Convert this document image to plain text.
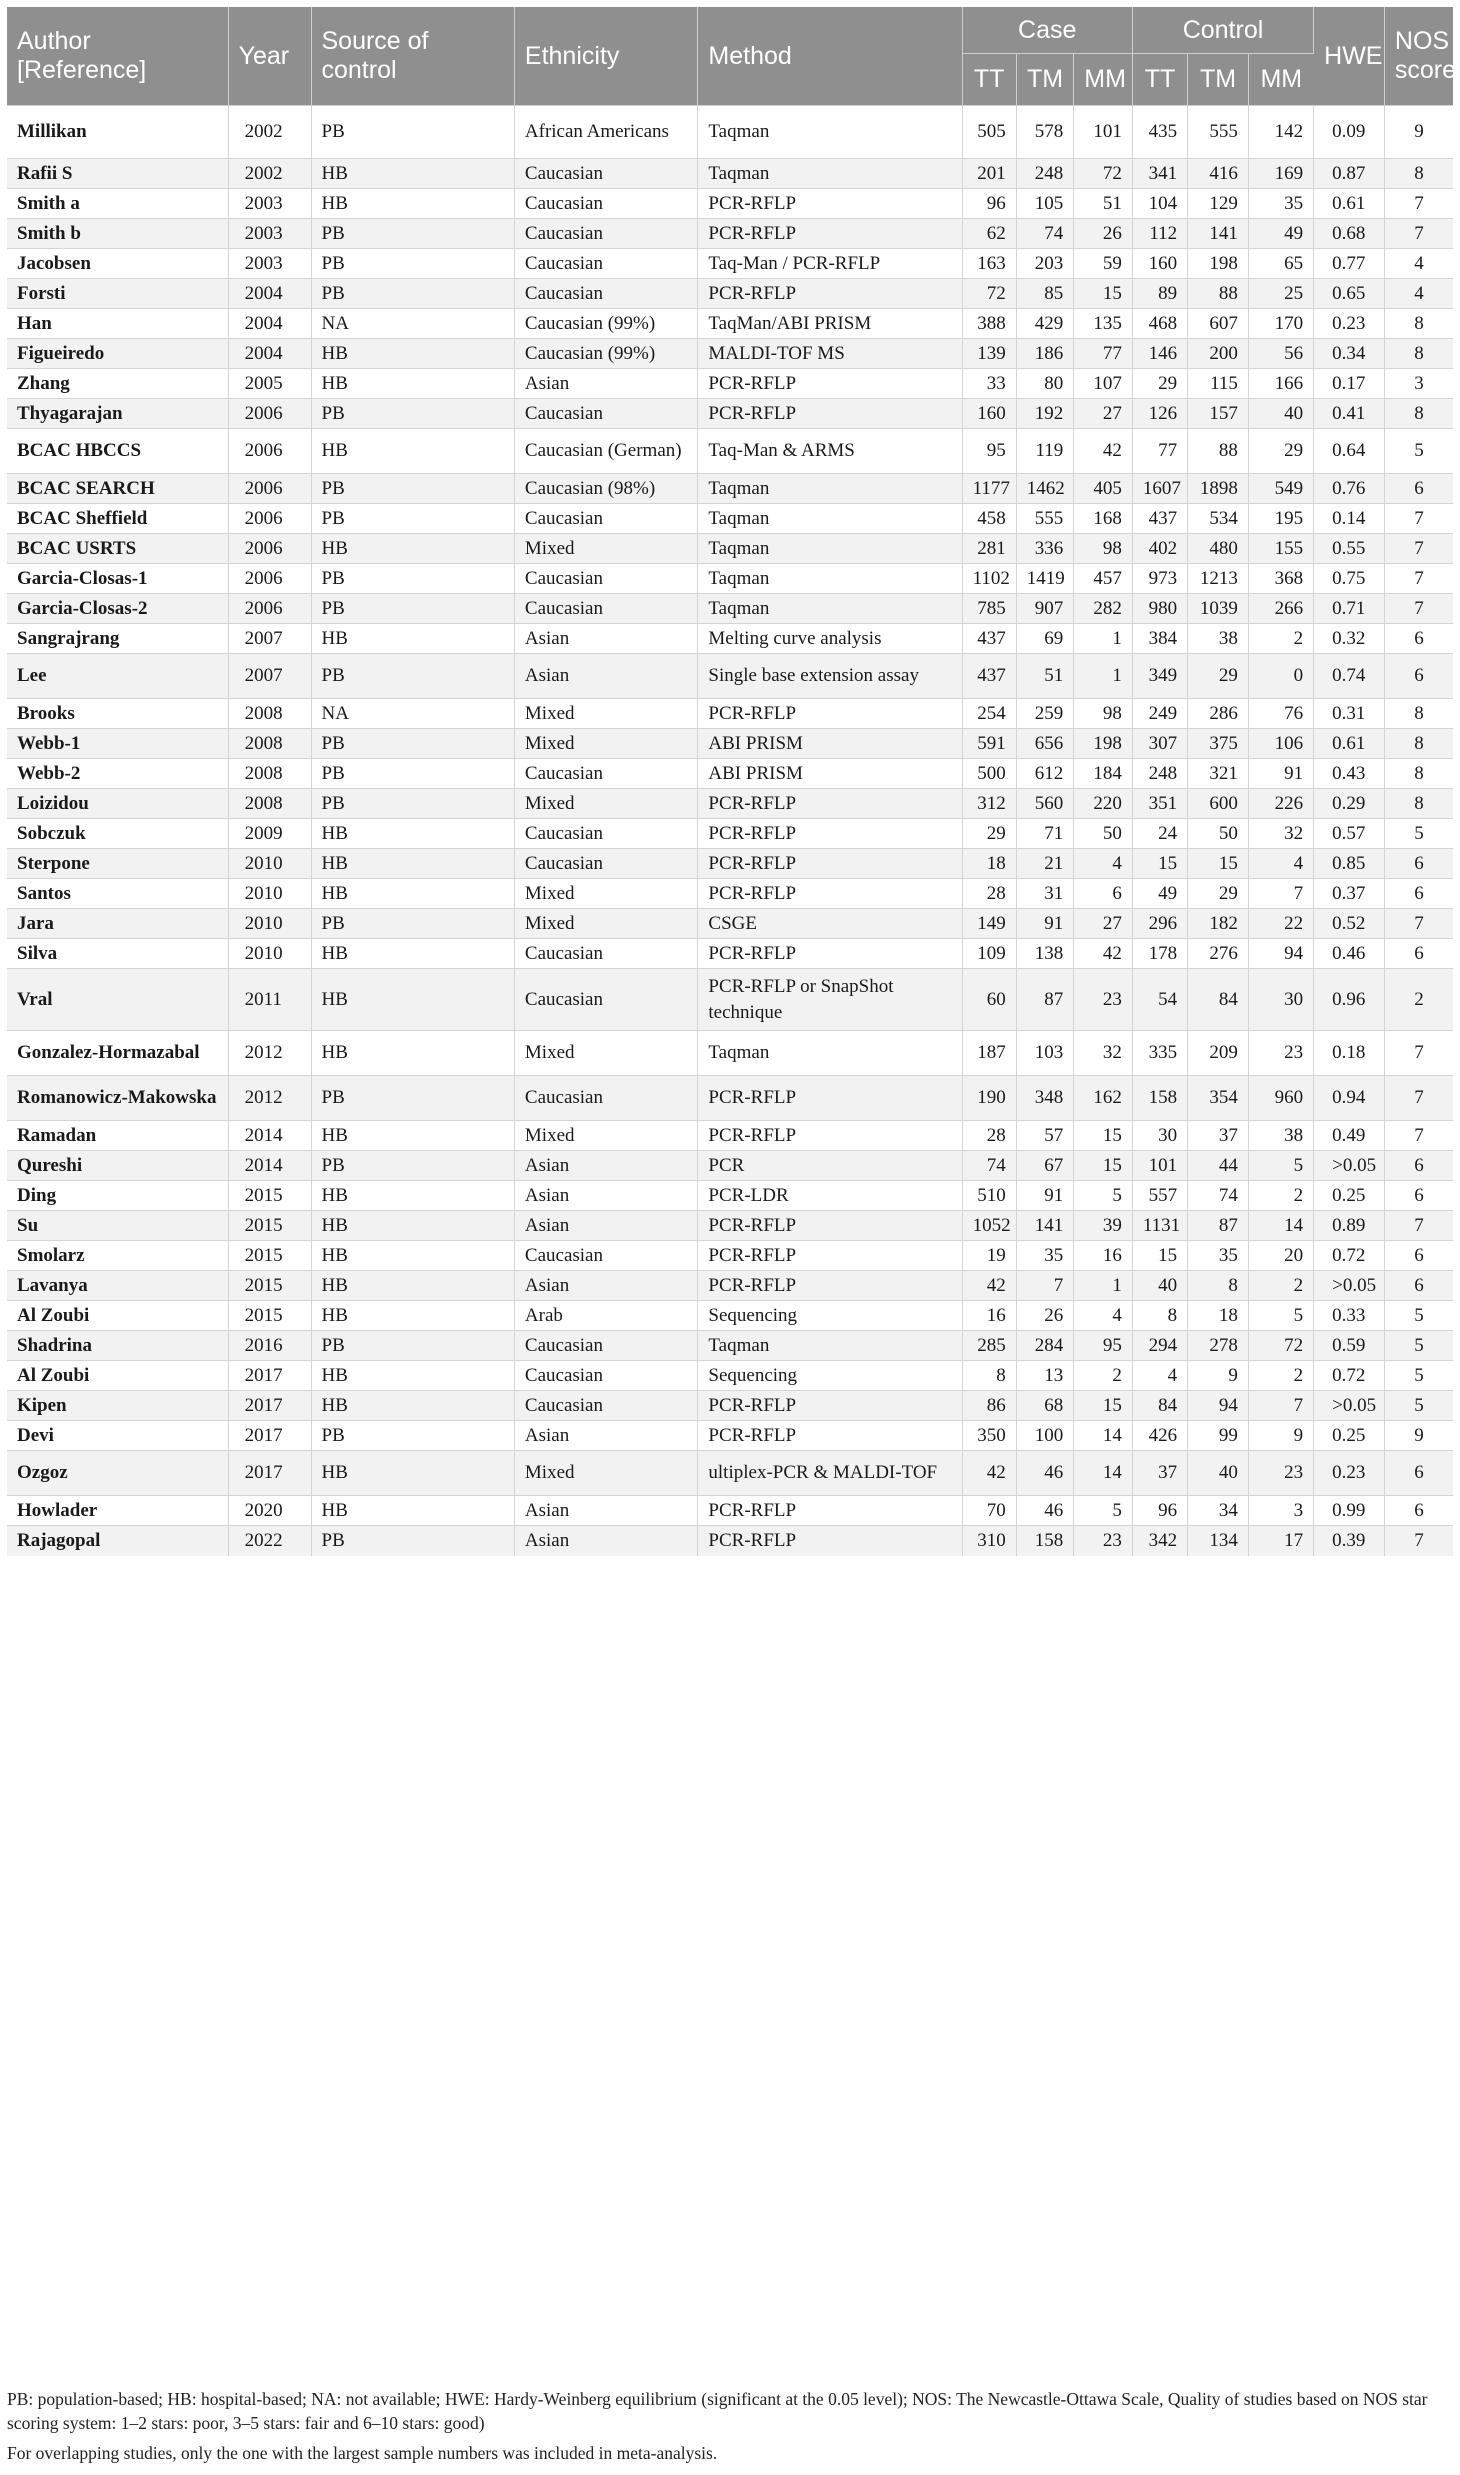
Author [Reference]	Year	Source of control	Ethnicity	Method	Case			Control			HWE	NOS score
					TT	TM	MM	TT	TM	MM		
Millikan	2002	PB	African Americans	Taqman	505	578	101	435	555	142	0.09	9
Rafii S	2002	HB	Caucasian	Taqman	201	248	72	341	416	169	0.87	8
Smith a	2003	HB	Caucasian	PCR-RFLP	96	105	51	104	129	35	0.61	7
Smith b	2003	PB	Caucasian	PCR-RFLP	62	74	26	112	141	49	0.68	7
Jacobsen	2003	PB	Caucasian	Taq-Man / PCR-RFLP	163	203	59	160	198	65	0.77	4
Forsti	2004	PB	Caucasian	PCR-RFLP	72	85	15	89	88	25	0.65	4
Han	2004	NA	Caucasian (99%)	TaqMan/ABI PRISM	388	429	135	468	607	170	0.23	8
Figueiredo	2004	HB	Caucasian (99%)	MALDI-TOF MS	139	186	77	146	200	56	0.34	8
Zhang	2005	HB	Asian	PCR-RFLP	33	80	107	29	115	166	0.17	3
Thyagarajan	2006	PB	Caucasian	PCR-RFLP	160	192	27	126	157	40	0.41	8
BCAC HBCCS	2006	HB	Caucasian (German)	Taq-Man & ARMS	95	119	42	77	88	29	0.64	5
BCAC SEARCH	2006	PB	Caucasian (98%)	Taqman	1177	1462	405	1607	1898	549	0.76	6
BCAC Sheffield	2006	PB	Caucasian	Taqman	458	555	168	437	534	195	0.14	7
BCAC USRTS	2006	HB	Mixed	Taqman	281	336	98	402	480	155	0.55	7
Garcia-Closas-1	2006	PB	Caucasian	Taqman	1102	1419	457	973	1213	368	0.75	7
Garcia-Closas-2	2006	PB	Caucasian	Taqman	785	907	282	980	1039	266	0.71	7
Sangrajrang	2007	HB	Asian	Melting curve analysis	437	69	1	384	38	2	0.32	6
Lee	2007	PB	Asian	Single base extension assay	437	51	1	349	29	0	0.74	6
Brooks	2008	NA	Mixed	PCR-RFLP	254	259	98	249	286	76	0.31	8
Webb-1	2008	PB	Mixed	ABI PRISM	591	656	198	307	375	106	0.61	8
Webb-2	2008	PB	Caucasian	ABI PRISM	500	612	184	248	321	91	0.43	8
Loizidou	2008	PB	Mixed	PCR-RFLP	312	560	220	351	600	226	0.29	8
Sobczuk	2009	HB	Caucasian	PCR-RFLP	29	71	50	24	50	32	0.57	5
Sterpone	2010	HB	Caucasian	PCR-RFLP	18	21	4	15	15	4	0.85	6
Santos	2010	HB	Mixed	PCR-RFLP	28	31	6	49	29	7	0.37	6
Jara	2010	PB	Mixed	CSGE	149	91	27	296	182	22	0.52	7
Silva	2010	HB	Caucasian	PCR-RFLP	109	138	42	178	276	94	0.46	6
Vral	2011	HB	Caucasian	PCR-RFLP or SnapShot technique	60	87	23	54	84	30	0.96	2
Gonzalez-Hormazabal	2012	HB	Mixed	Taqman	187	103	32	335	209	23	0.18	7
Romanowicz-Makowska	2012	PB	Caucasian	PCR-RFLP	190	348	162	158	354	960	0.94	7
Ramadan	2014	HB	Mixed	PCR-RFLP	28	57	15	30	37	38	0.49	7
Qureshi	2014	PB	Asian	PCR	74	67	15	101	44	5	>0.05	6
Ding	2015	HB	Asian	PCR-LDR	510	91	5	557	74	2	0.25	6
Su	2015	HB	Asian	PCR-RFLP	1052	141	39	1131	87	14	0.89	7
Smolarz	2015	HB	Caucasian	PCR-RFLP	19	35	16	15	35	20	0.72	6
Lavanya	2015	HB	Asian	PCR-RFLP	42	7	1	40	8	2	>0.05	6
Al Zoubi	2015	HB	Arab	Sequencing	16	26	4	8	18	5	0.33	5
Shadrina	2016	PB	Caucasian	Taqman	285	284	95	294	278	72	0.59	5
Al Zoubi	2017	HB	Caucasian	Sequencing	8	13	2	4	9	2	0.72	5
Kipen	2017	HB	Caucasian	PCR-RFLP	86	68	15	84	94	7	>0.05	5
Devi	2017	PB	Asian	PCR-RFLP	350	100	14	426	99	9	0.25	9
Ozgoz	2017	HB	Mixed	ultiplex-PCR & MALDI-TOF	42	46	14	37	40	23	0.23	6
Howlader	2020	HB	Asian	PCR-RFLP	70	46	5	96	34	3	0.99	6
Rajagopal	2022	PB	Asian	PCR-RFLP	310	158	23	342	134	17	0.39	7
PB: population-based; HB: hospital-based; NA: not available; HWE: Hardy-Weinberg equilibrium (significant at the 0.05 level); NOS: The Newcastle-Ottawa Scale, Quality of studies based on NOS star scoring system: 1–2 stars: poor, 3–5 stars: fair and 6–10 stars: good)
For overlapping studies, only the one with the largest sample numbers was included in meta-analysis.
